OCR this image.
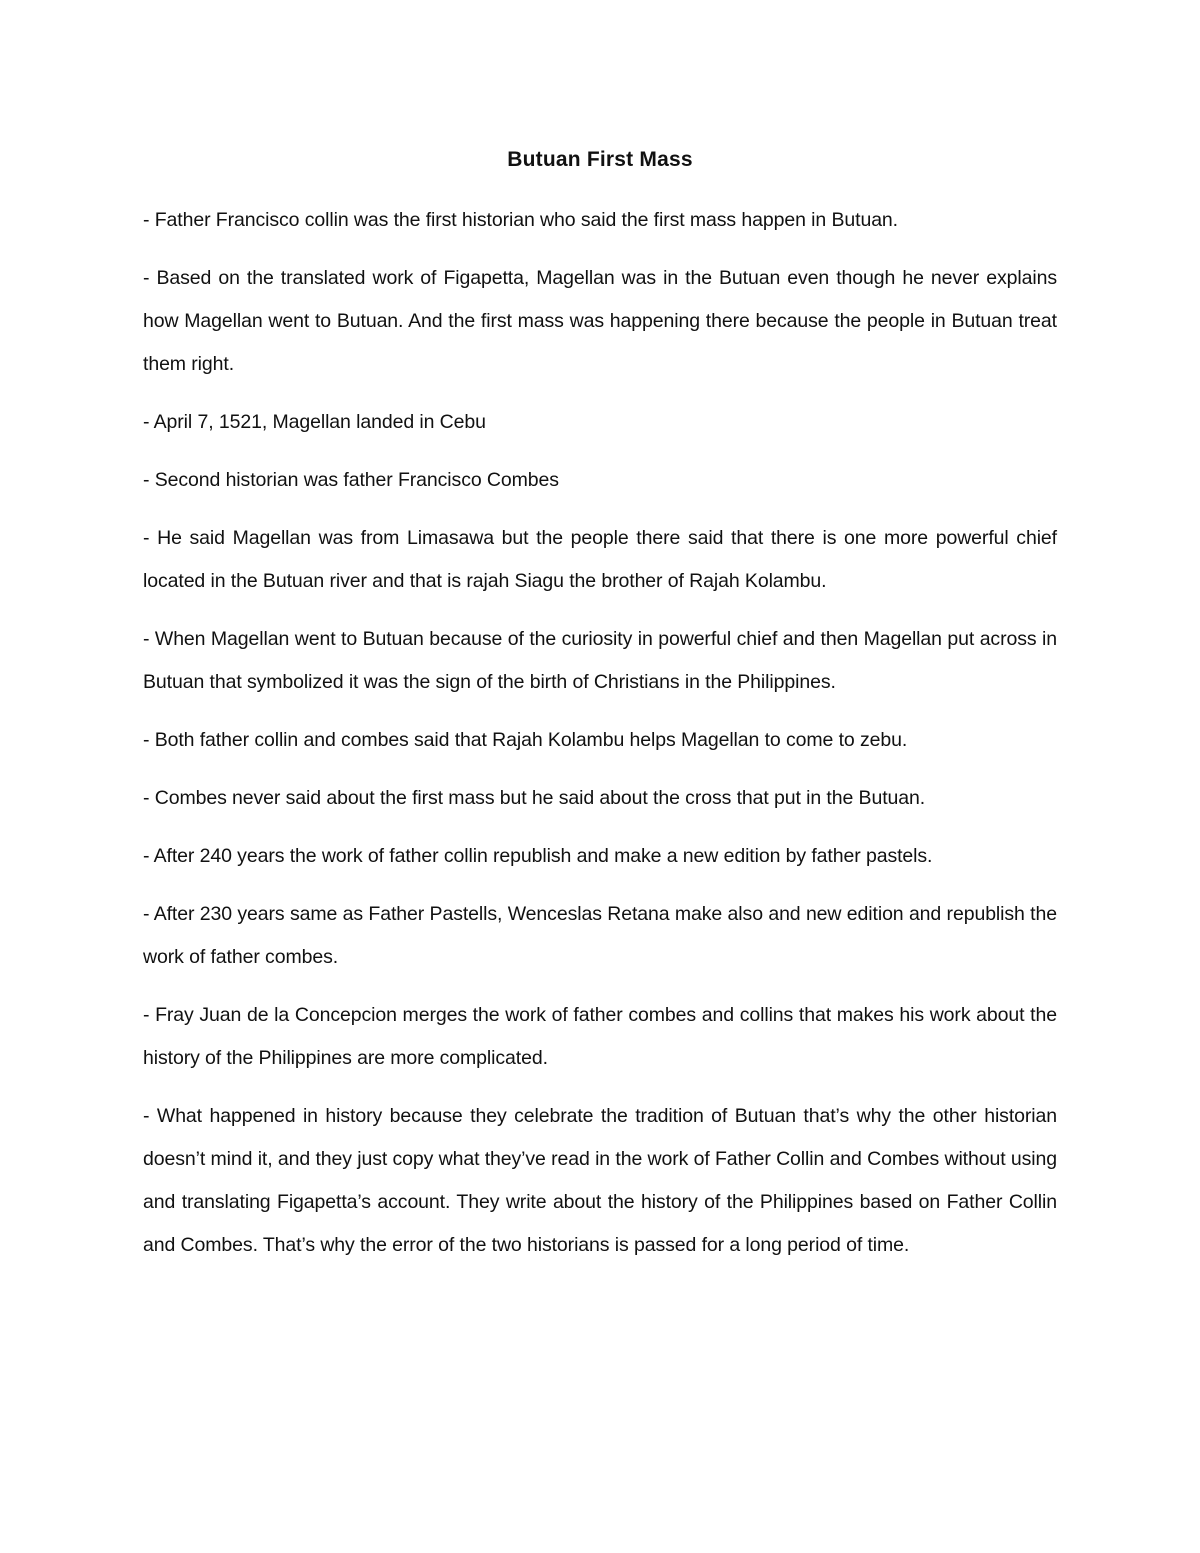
Butuan First Mass

- Father Francisco collin was the first historian who said the first mass happen in Butuan.

- Based on the translated work of Figapetta, Magellan was in the Butuan even though he never explains how Magellan went to Butuan. And the first mass was happening there because the people in Butuan treat them right.

- April 7, 1521, Magellan landed in Cebu

- Second historian was father Francisco Combes

- He said Magellan was from Limasawa but the people there said that there is one more powerful chief located in the Butuan river and that is rajah Siagu the brother of Rajah Kolambu.

- When Magellan went to Butuan because of the curiosity in powerful chief and then Magellan put across in Butuan that symbolized it was the sign of the birth of Christians in the Philippines.

- Both father collin and combes said that Rajah Kolambu helps Magellan to come to zebu.

- Combes never said about the first mass but he said about the cross that put in the Butuan.

- After 240 years the work of father collin republish and make a new edition by father pastels.

- After 230 years same as Father Pastells, Wenceslas Retana make also and new edition and republish the work of father combes.

- Fray Juan de la Concepcion merges the work of father combes and collins that makes his work about the history of the Philippines are more complicated.

- What happened in history because they celebrate the tradition of Butuan that’s why the other historian doesn’t mind it, and they just copy what they’ve read in the work of Father Collin and Combes without using and translating Figapetta’s account. They write about the history of the Philippines based on Father Collin and Combes. That’s why the error of the two historians is passed for a long period of time.
